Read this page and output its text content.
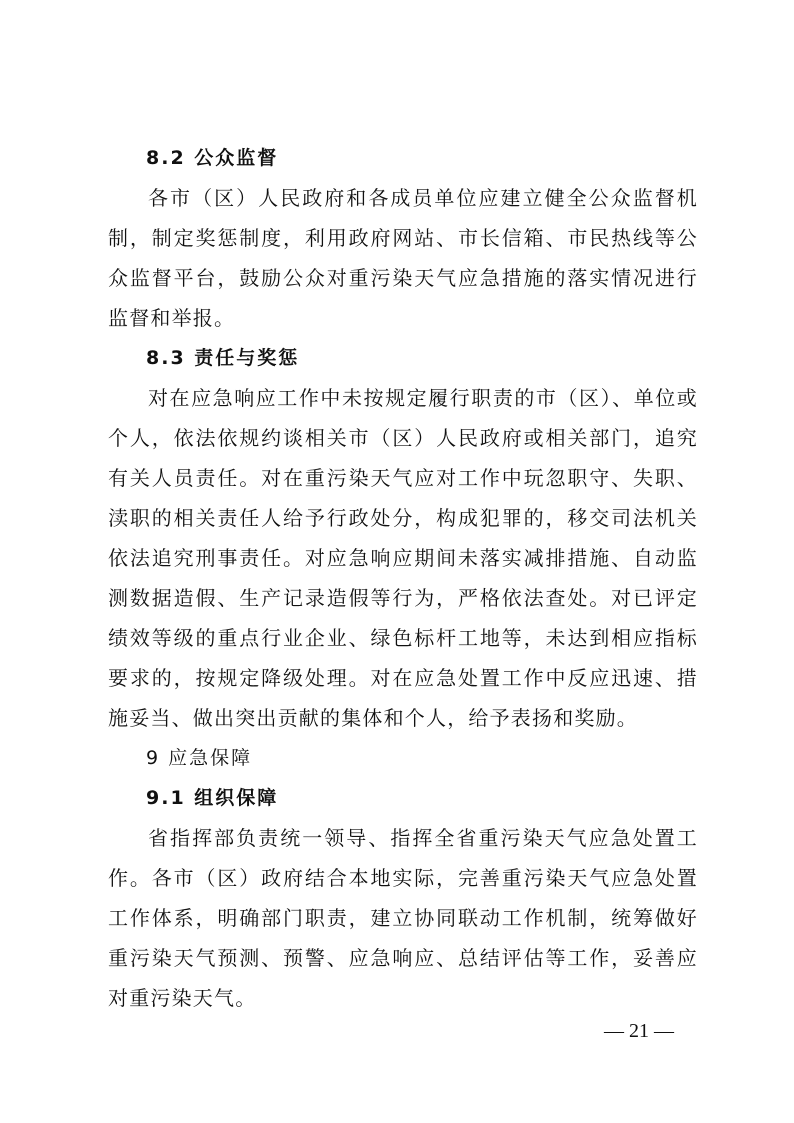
8.2 公众监督
各市（区）人民政府和各成员单位应建立健全公众监督机制，制定奖惩制度，利用政府网站、市长信箱、市民热线等公众监督平台，鼓励公众对重污染天气应急措施的落实情况进行监督和举报。
8.3 责任与奖惩
对在应急响应工作中未按规定履行职责的市（区）、单位或个人，依法依规约谈相关市（区）人民政府或相关部门，追究有关人员责任。对在重污染天气应对工作中玩忽职守、失职、渎职的相关责任人给予行政处分，构成犯罪的，移交司法机关依法追究刑事责任。对应急响应期间未落实减排措施、自动监测数据造假、生产记录造假等行为，严格依法查处。对已评定绩效等级的重点行业企业、绿色标杆工地等，未达到相应指标要求的，按规定降级处理。对在应急处置工作中反应迅速、措施妥当、做出突出贡献的集体和个人，给予表扬和奖励。
9 应急保障
9.1 组织保障
省指挥部负责统一领导、指挥全省重污染天气应急处置工作。各市（区）政府结合本地实际，完善重污染天气应急处置工作体系，明确部门职责，建立协同联动工作机制，统筹做好重污染天气预测、预警、应急响应、总结评估等工作，妥善应对重污染天气。
— 21 —
